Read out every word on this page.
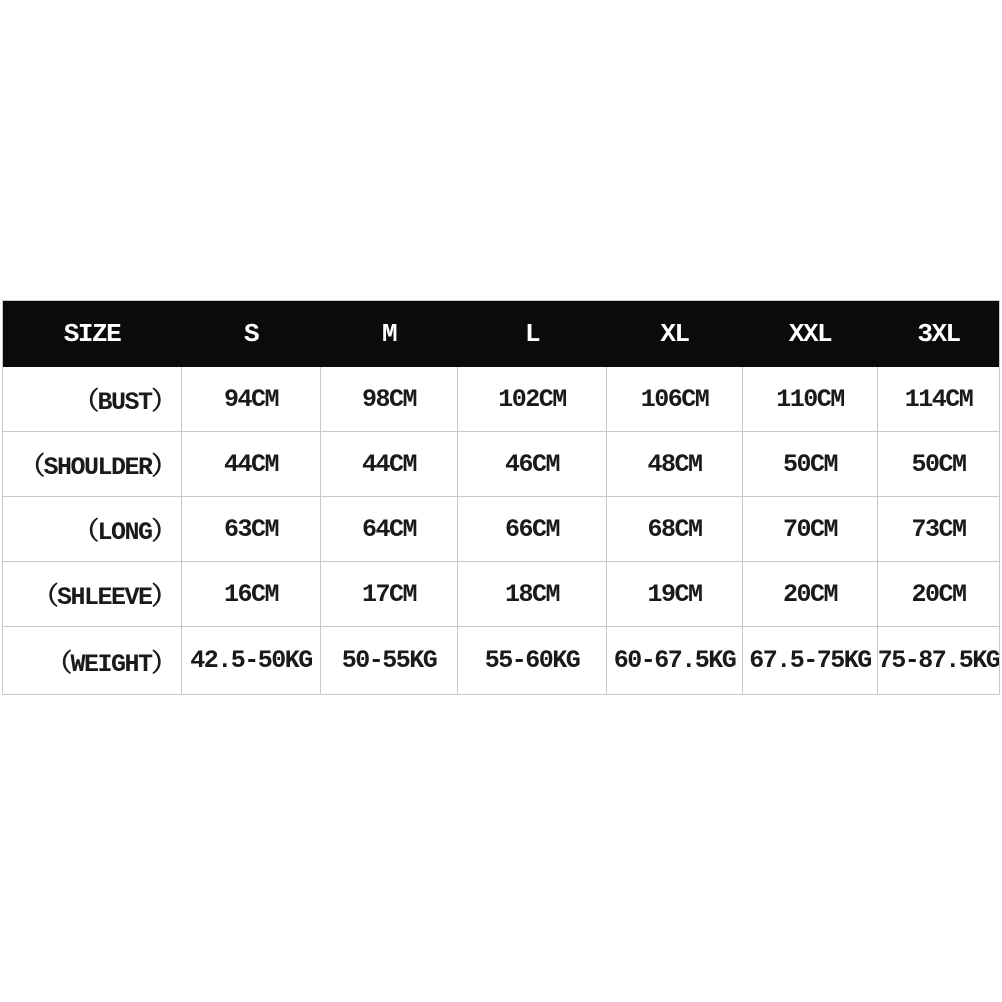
SIZE	S	M	L	XL	XXL	3XL
（BUST）	94CM	98CM	102CM	106CM	110CM	114CM
（SHOULDER）	44CM	44CM	46CM	48CM	50CM	50CM
（LONG）	63CM	64CM	66CM	68CM	70CM	73CM
（SHLEEVE）	16CM	17CM	18CM	19CM	20CM	20CM
（WEIGHT） 42.5-50KG	50-55KG	55-60KG	60-67.5KG 67.5-75KG 75-87.5KG
